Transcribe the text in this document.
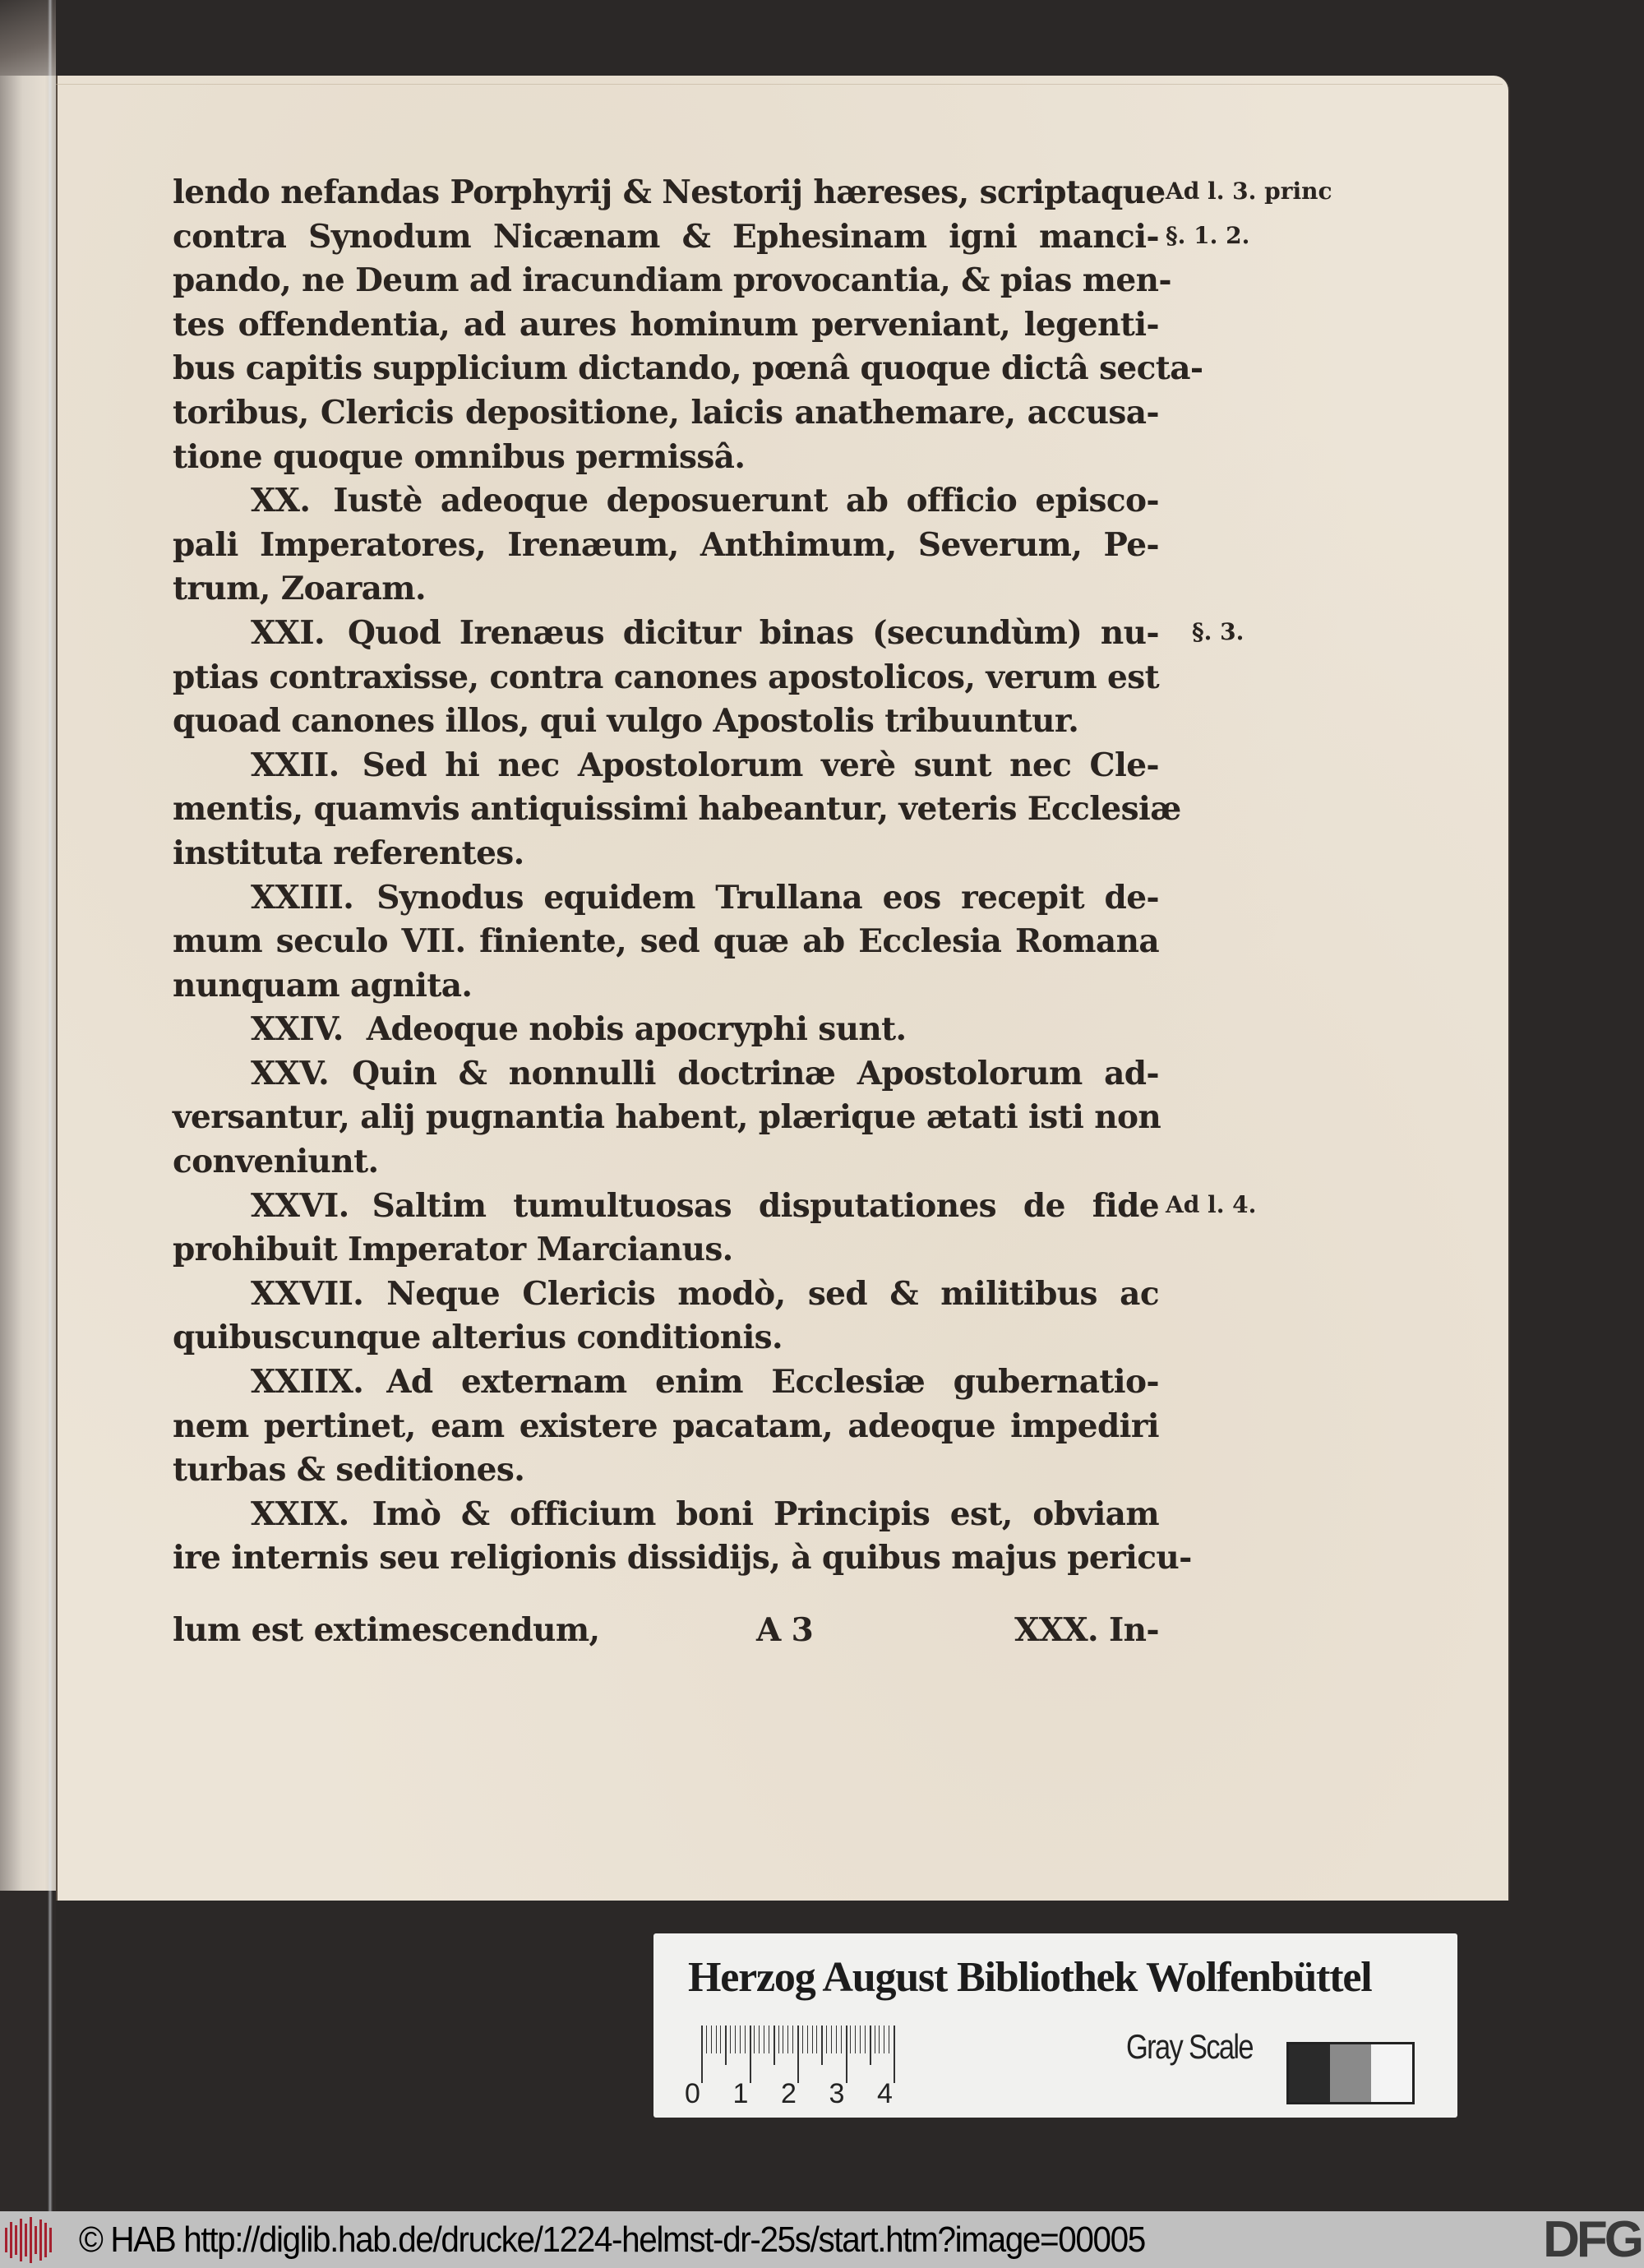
lendo nefandas Porphyrij & Nestorij hæreses, scriptaque
contra Synodum Nicænam & Ephesinam igni manci-
pando, ne Deum ad iracundiam provocantia, & pias men-
tes offendentia, ad aures hominum perveniant, legenti-
bus capitis supplicium dictando, pœnâ quoque dictâ secta-
toribus, Clericis depositione, laicis anathemare, accusa-
tione quoque omnibus permissâ.
XX. Iustè adeoque deposuerunt ab officio episco-
pali Imperatores, Irenæum, Anthimum, Severum, Pe-
trum, Zoaram.
XXI. Quod Irenæus dicitur binas (secundùm) nu-
ptias contraxisse, contra canones apostolicos, verum est
quoad canones illos, qui vulgo Apostolis tribuuntur.
XXII. Sed hi nec Apostolorum verè sunt nec Cle-
mentis, quamvis antiquissimi habeantur, veteris Ecclesiæ
instituta referentes.
XXIII. Synodus equidem Trullana eos recepit de-
mum seculo VII. finiente, sed quæ ab Ecclesia Romana
nunquam agnita.
XXIV. Adeoque nobis apocryphi sunt.
XXV. Quin & nonnulli doctrinæ Apostolorum ad-
versantur, alij pugnantia habent, plærique ætati isti non
conveniunt.
XXVI. Saltim tumultuosas disputationes de fide
prohibuit Imperator Marcianus.
XXVII. Neque Clericis modò, sed & militibus ac
quibuscunque alterius conditionis.
XXIIX. Ad externam enim Ecclesiæ gubernatio-
nem pertinet, eam existere pacatam, adeoque impediri
turbas & seditiones.
XXIX. Imò & officium boni Principis est, obviam
ire internis seu religionis dissidijs, à quibus majus pericu-
Ad l. 3. princ
§. 1. 2.
§. 3.
Ad l. 4.
lum est extimescendum,	A 3	XXX. In-
Herzog August Bibliothek Wolfenbüttel
0 1 2 3 4
Gray Scale
© HAB http://diglib.hab.de/drucke/1224-helmst-dr-25s/start.htm?image=00005	DFG
